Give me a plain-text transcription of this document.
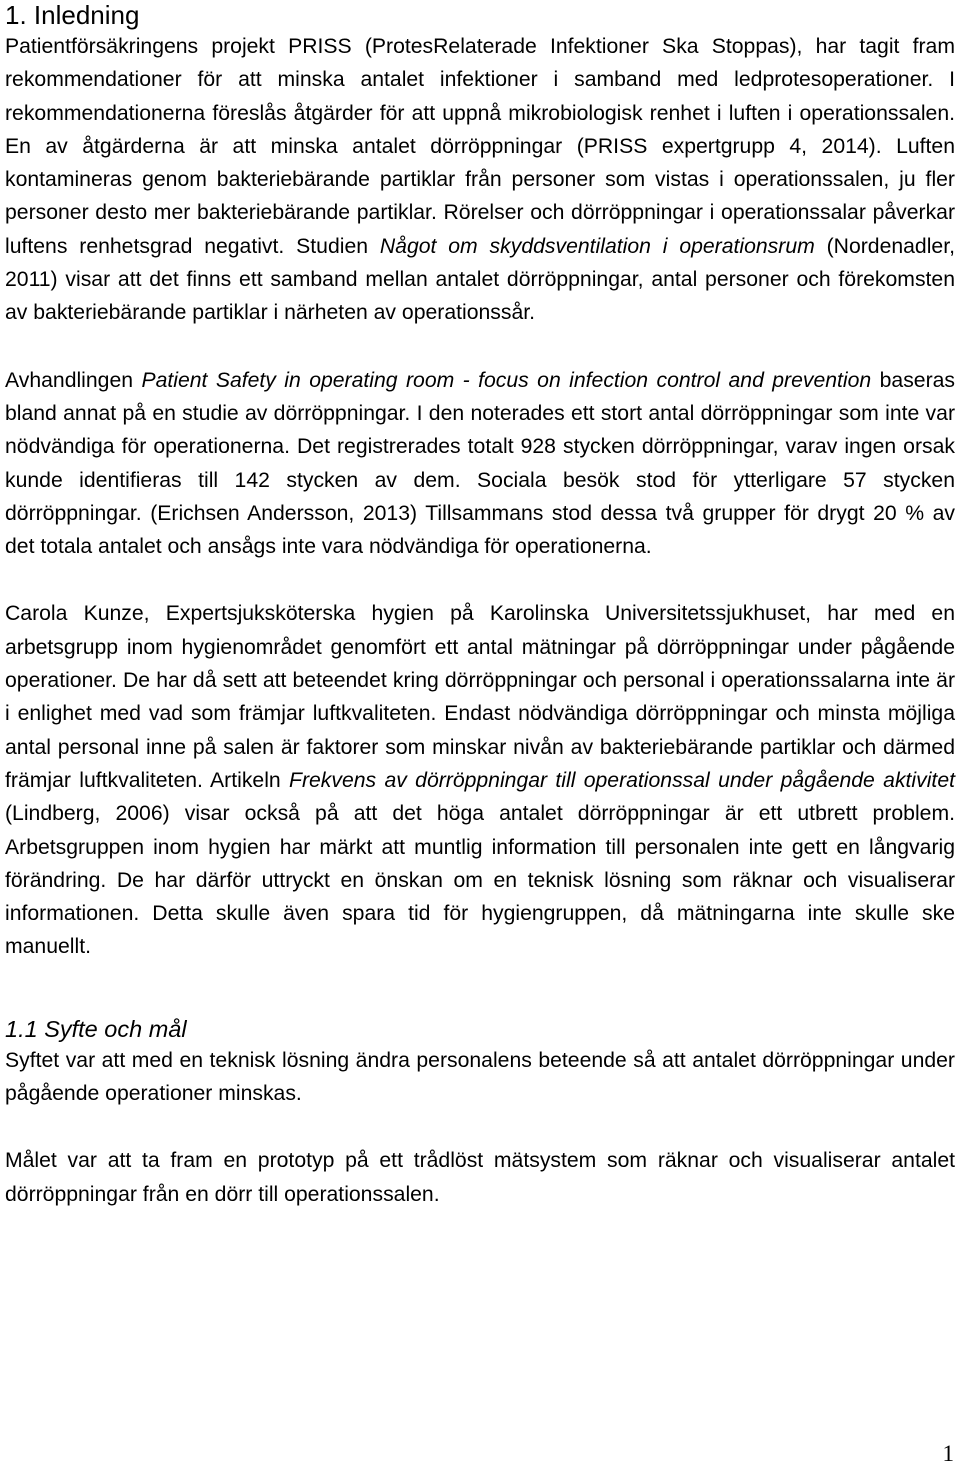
1. Inledning

Patientförsäkringens projekt PRISS (ProtesRelaterade Infektioner Ska Stoppas), har tagit fram rekommendationer för att minska antalet infektioner i samband med ledprotesoperationer. I rekommendationerna föreslås åtgärder för att uppnå mikrobiologisk renhet i luften i operationssalen. En av åtgärderna är att minska antalet dörröppningar (PRISS expertgrupp 4, 2014). Luften kontamineras genom bakteriebärande partiklar från personer som vistas i operationssalen, ju fler personer desto mer bakteriebärande partiklar. Rörelser och dörröppningar i operationssalar påverkar luftens renhetsgrad negativt. Studien Något om skyddsventilation i operationsrum (Nordenadler, 2011) visar att det finns ett samband mellan antalet dörröppningar, antal personer och förekomsten av bakteriebärande partiklar i närheten av operationssår.

Avhandlingen Patient Safety in operating room - focus on infection control and prevention baseras bland annat på en studie av dörröppningar. I den noterades ett stort antal dörröppningar som inte var nödvändiga för operationerna. Det registrerades totalt 928 stycken dörröppningar, varav ingen orsak kunde identifieras till 142 stycken av dem. Sociala besök stod för ytterligare 57 stycken dörröppningar. (Erichsen Andersson, 2013) Tillsammans stod dessa två grupper för drygt 20 % av det totala antalet och ansågs inte vara nödvändiga för operationerna.

Carola Kunze, Expertsjuksköterska hygien på Karolinska Universitetssjukhuset, har med en arbetsgrupp inom hygienområdet genomfört ett antal mätningar på dörröppningar under pågående operationer. De har då sett att beteendet kring dörröppningar och personal i operationssalarna inte är i enlighet med vad som främjar luftkvaliteten. Endast nödvändiga dörröppningar och minsta möjliga antal personal inne på salen är faktorer som minskar nivån av bakteriebärande partiklar och därmed främjar luftkvaliteten. Artikeln Frekvens av dörröppningar till operationssal under pågående aktivitet (Lindberg, 2006) visar också på att det höga antalet dörröppningar är ett utbrett problem. Arbetsgruppen inom hygien har märkt att muntlig information till personalen inte gett en långvarig förändring. De har därför uttryckt en önskan om en teknisk lösning som räknar och visualiserar informationen. Detta skulle även spara tid för hygiengruppen, då mätningarna inte skulle ske manuellt.

1.1 Syfte och mål

Syftet var att med en teknisk lösning ändra personalens beteende så att antalet dörröppningar under pågående operationer minskas.

Målet var att ta fram en prototyp på ett trådlöst mätsystem som räknar och visualiserar antalet dörröppningar från en dörr till operationssalen.

1
